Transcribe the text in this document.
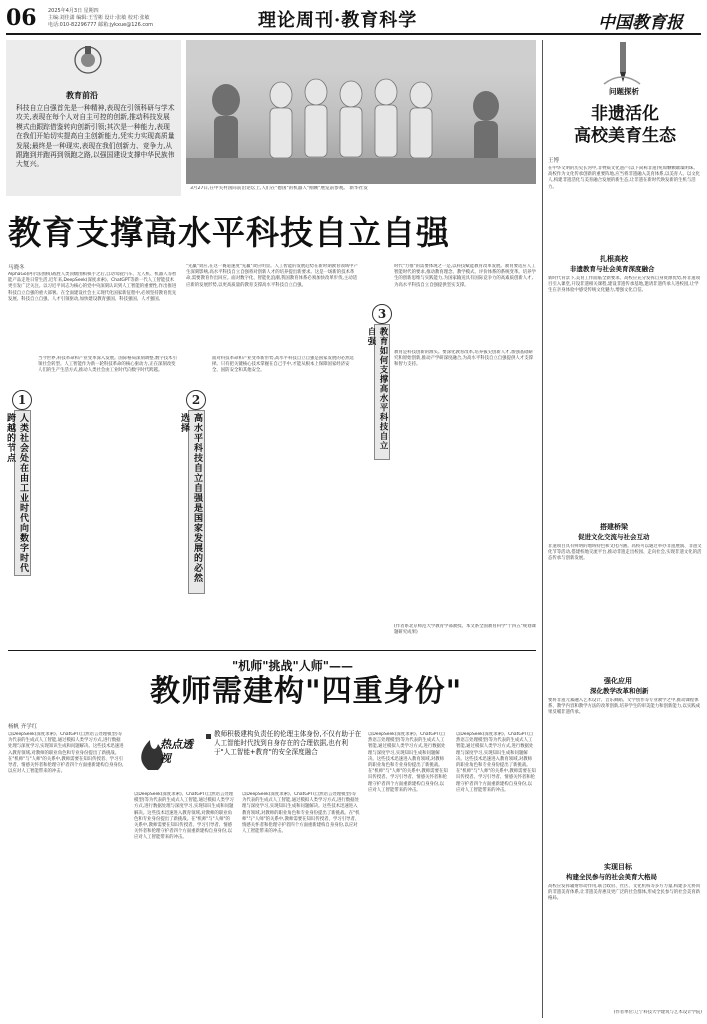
06 2025年4月3日 星期四
主编:刘佳潇 编辑:王雪彬 设计:张敏 校对:张敏
电话:010-82296777 邮箱:jykxue@126.com	理论周刊·教育科学	中国教育报
教育前沿
科技自立自强首先是一种精神,表现在引领科研与学术攻关,表现在每个人对自主可控的创新,推动科技发展模式由跟踪借鉴转向创新引领;其次是一种能力,表现在我们开始切实提高自主创新能力,凭实力实现高质量发展;最终是一种现实,表现在我们创新力、竞争力,从跟跑到并跑再到领跑之路,以强国建设支撑中华民族伟大复兴。
3月27日,在中关村国际前沿论坛上,人们在"德国"的机器人"刚刚"展览前参观。 新华社发
教育支撑高水平科技自立自强
马晓冬
AlphaGo(阿尔法围棋)战胜人类顶级围棋棋手之后,自动驾驶汽车、无人机、机器人等智能产品走进日常生活,近年来,DeepSeek(深度求索)、ChatGPT等新一代人工智能技术更引发广泛关注。以习近平同志为核心的党中央深刻认识到人工智能的重要性,作出推进科技自立自强的重大部署。在全面建设社会主义现代化国家新征程中,必须坚持教育优先发展、科技自立自强、人才引领驱动,加快建设教育强国、科技强国、人才强国。
"先赢"效应,在这一赛道速度"先赢"效应明显。人工智能的发展趋势在新时期教育领域中产生深刻影响,高水平科技自立自强将对创新人才的培养提出新要求。这是一场新的技术革命,需要教育作出回应。面对数字化、智能化浪潮,我国教育体系必须加快改革步伐,主动适应新的发展形势,以更高质量的教育支撑高水平科技自立自强。
3
教育如何支撑高水平科技自立自强
时代"力推"的需要体现之一是,以科技赋能教育改革发展。教育要适应人工智能时代的要求,推动教育理念、教学模式、评价体系的系统变革。培养学生的创新思维与实践能力,为国家输送具有国际竞争力的高素质创新人才,为高水平科技自立自强提供坚实支撑。
教育是科技创新的源头。要深化教育改革,培养拔尖创新人才,加强基础研究和原始创新,推动产学研深度融合,为高水平科技自立自强提供人才支撑和智力支持。
1
人类社会处在由工业时代向数字时代跨越的节点
当今世界,科技革命和产业变革深入发展。国际格局深刻调整,数字技术引领社会转型。人工智能作为新一轮科技革命的核心驱动力,正在深刻改变人们的生产生活方式,推动人类社会由工业时代向数字时代跨越。
2
高水平科技自立自强是国家发展的必然选择
面对科技革命和产业变革新形势,高水平科技自立自强是国家发展的必然选择。只有把关键核心技术掌握在自己手中,才能从根本上保障国家经济安全、国防安全和其他安全。
(作者系北京师范大学教育学部教授。本文系全国教育科学"十四五"规划课题研究成果)
"机师"挑战"人师"——
教师需建构"四重身份"
杨帆 齐学红
以DeepSeek(深度求索)、ChatGPT(自然语言处理模型)等为代表的生成式人工智能,通过模拟人类学习方式,进行数据处理与深度学习,实现知识生成和问题解决。这些技术迅速进入教育领域,对教师的职业角色和专业身份提出了新挑战。在"机师"与"人师"的关系中,教师需要在知识传授者、学习引导者、情感关怀者和伦理守护者四个方面重新建构自身身份,以应对人工智能带来的冲击。
热点透视
教师积极建构负责任的伦理主体身份,不仅有助于在人工智能时代找到自身存在的合理依据,也有利于"人工智能+教育"的安全深度融合
以DeepSeek(深度求索)、ChatGPT(自然语言处理模型)等为代表的生成式人工智能,通过模拟人类学习方式,进行数据处理与深度学习,实现知识生成和问题解决。这些技术迅速进入教育领域,对教师的职业角色和专业身份提出了新挑战。在"机师"与"人师"的关系中,教师需要在知识传授者、学习引导者、情感关怀者和伦理守护者四个方面重新建构自身身份,以应对人工智能带来的冲击。
以DeepSeek(深度求索)、ChatGPT(自然语言处理模型)等为代表的生成式人工智能,通过模拟人类学习方式,进行数据处理与深度学习,实现知识生成和问题解决。这些技术迅速进入教育领域,对教师的职业角色和专业身份提出了新挑战。在"机师"与"人师"的关系中,教师需要在知识传授者、学习引导者、情感关怀者和伦理守护者四个方面重新建构自身身份,以应对人工智能带来的冲击。
以DeepSeek(深度求索)、ChatGPT(自然语言处理模型)等为代表的生成式人工智能,通过模拟人类学习方式,进行数据处理与深度学习,实现知识生成和问题解决。这些技术迅速进入教育领域,对教师的职业角色和专业身份提出了新挑战。在"机师"与"人师"的关系中,教师需要在知识传授者、学习引导者、情感关怀者和伦理守护者四个方面重新建构自身身份,以应对人工智能带来的冲击。
以DeepSeek(深度求索)、ChatGPT(自然语言处理模型)等为代表的生成式人工智能,通过模拟人类学习方式,进行数据处理与深度学习,实现知识生成和问题解决。这些技术迅速进入教育领域,对教师的职业角色和专业身份提出了新挑战。在"机师"与"人师"的关系中,教师需要在知识传授者、学习引导者、情感关怀者和伦理守护者四个方面重新建构自身身份,以应对人工智能带来的冲击。
问题探析
非遗活化
高校美育生态
王博
在中华文明的历史长河中,非物质文化遗产(以下简称非遗)宛如颗颗璀璨明珠。高校作为文化传承创新的重要阵地,应当将非遗融入美育体系,以美育人、以文化人,构建非遗活化与美育融合发展的新生态,让非遗在新时代焕发新的生机与活力。
扎根高校
非遗教育与社会美育深度融合
新时代背景下,美育工作面临全新要求。高校应充分发挥自身资源优势,将非遗项目引入课堂,开设非遗相关课程,建设非遗传承基地,邀请非遗传承人进校园,让学生在亲身体验中感受传统文化魅力,增强文化自信。
搭建桥梁
促进文化交流与社会互动
非遗项目具有鲜明的地域特色和文化内涵。高校可以通过举办非遗展演、非遗文化节等活动,搭建校地交流平台,推动非遗走出校园、走向社会,实现非遗文化的活态传承与创新发展。
强化应用
深化教学改革和创新
要将非遗元素融入艺术设计、音乐舞蹈、文学创作等专业教学之中,推动课程体系、教学内容和教学方法的改革创新,培养学生的审美能力和创新能力,以实践成果反哺非遗传承。
实现目标
构建全民参与的社会美育大格局
高校应发挥辐射带动作用,联合政府、社区、文化机构等多方力量,构建多元协同的非遗美育体系,让非遗美育惠及更广泛的社会群体,形成全民参与的社会美育新格局。
(作者单位:辽宁科技大学建筑与艺术设计学院)
